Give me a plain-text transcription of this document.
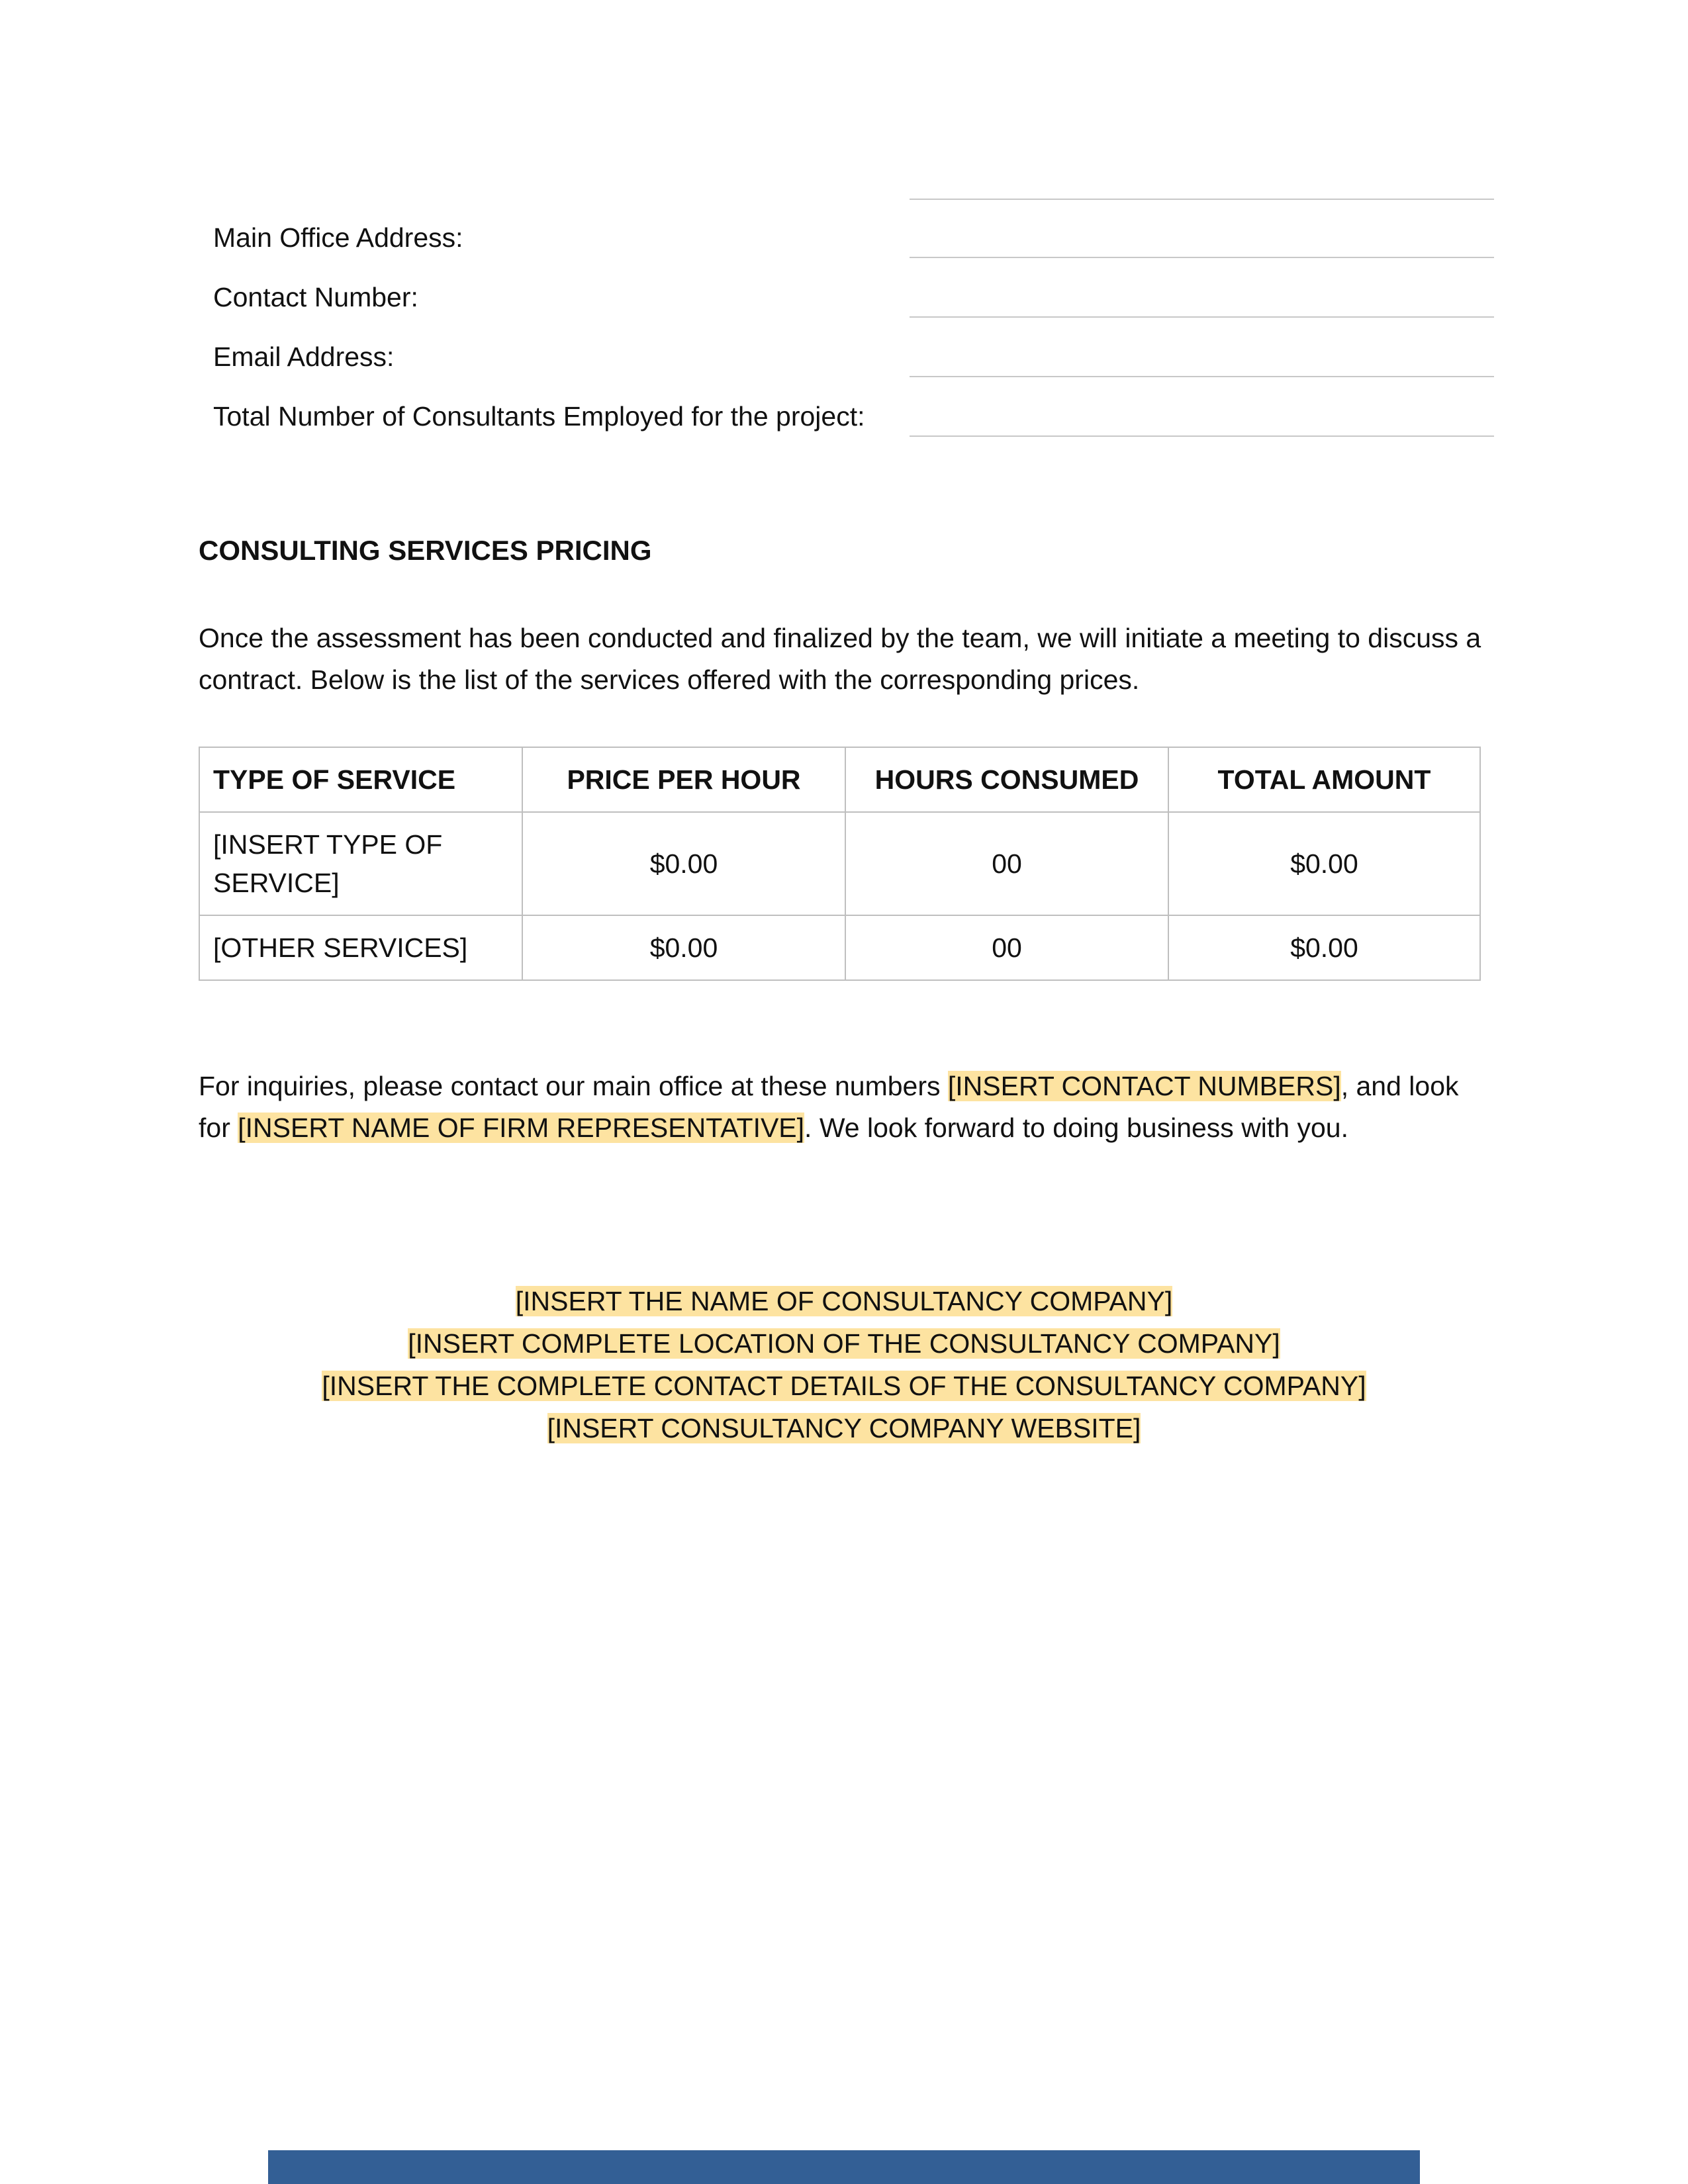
Main Office Address:
Contact Number:
Email Address:
Total Number of Consultants Employed for the project:
CONSULTING SERVICES PRICING

Once the assessment has been conducted and finalized by the team, we will initiate a meeting to discuss a contract. Below is the list of the services offered with the corresponding prices.

TYPE OF SERVICE	PRICE PER HOUR	HOURS CONSUMED	TOTAL AMOUNT
[INSERT TYPE OF SERVICE]	$0.00	00	$0.00
[OTHER SERVICES]	$0.00	00	$0.00

For inquiries, please contact our main office at these numbers [INSERT CONTACT NUMBERS], and look for [INSERT NAME OF FIRM REPRESENTATIVE]. We look forward to doing business with you.

[INSERT THE NAME OF CONSULTANCY COMPANY]
[INSERT COMPLETE LOCATION OF THE CONSULTANCY COMPANY]
[INSERT THE COMPLETE CONTACT DETAILS OF THE CONSULTANCY COMPANY]
[INSERT CONSULTANCY COMPANY WEBSITE]
